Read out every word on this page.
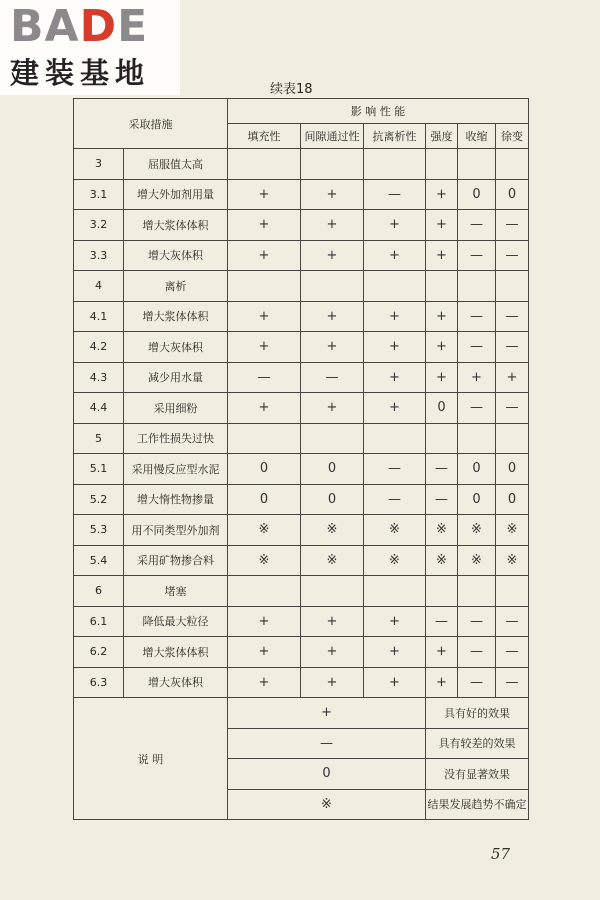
BADE
建装基地	续表18
采取措施		影 响 性 能					
		填充性	间隙通过性	抗离析性	强度	收缩	徐变
3	屈服值太高						
3.1	增大外加剂用量	+	+	—	+	0	0
3.2	增大浆体体积	+	+	+	+	—	—
3.3	增大灰体积	+	+	+	+	—	—
4	离析						
4.1	增大浆体体积	+	+	+	+	—	—
4.2	增大灰体积	+	+	+	+	—	—
4.3	减少用水量	—	—	+	+	+	+
4.4	采用细粉	+	+	+	0	—	—
5	工作性损失过快						
5.1	采用慢反应型水泥	0	0	—	—	0	0
5.2	增大惰性物掺量	0	0	—	—	0	0
5.3	用不同类型外加剂	※	※	※	※	※	※
5.4	采用矿物掺合料	※	※	※	※	※	※
6	堵塞						
6.1	降低最大粒径	+	+	+	—	—	—
6.2	增大浆体体积	+	+	+	+	—	—
6.3	增大灰体积	+	+	+	+	—	—
说 明		+			具有好的效果		
		—			具有较差的效果		
		0			没有显著效果		
		※			结果发展趋势不确定		
57
